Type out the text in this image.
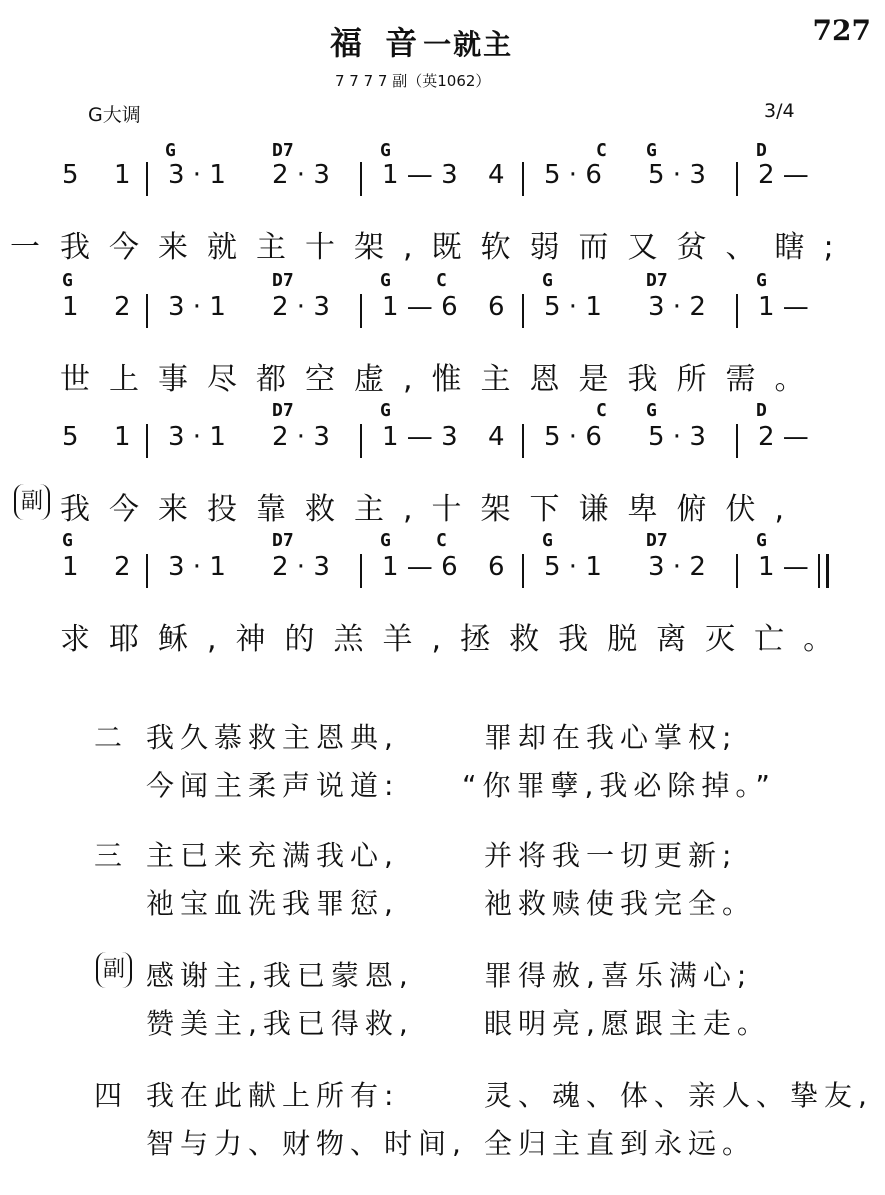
福 音一就主	727
7 7 7 7 副（英1062）
G大调	3/4
G	D7	G	C G	D
5 1 3 · 1 2 · 3 1 — 3 4 5 · 6 5 · 3 2 —
一 我今来就主十架,既软弱而又贫、瞎;
G	D7	G	C	G	D7	G
1 2 3 · 1 2 · 3 1 — 6 6 5 · 1 3 · 2 1 —
世上事尽都空虚,惟主恩是我所需。
D7	G	C G	D
5 1 3 · 1 2 · 3 1 — 3 4 5 · 6 5 · 3 2 —
副 我今来投靠救主,十架下谦卑俯伏,
G	D7	G	C	G	D7	G
1 2 3 · 1 2 · 3 1 — 6 6 5 · 1 3 · 2 1 —
求耶稣,神的羔羊,拯救我脱离灭亡。
二 我久慕救主恩典,	罪却在我心掌权;
今闻主柔声说道: “你罪孽,我必除掉。”
三 主已来充满我心,	并将我一切更新;
祂宝血洗我罪愆,	祂救赎使我完全。
副 感谢主,我已蒙恩,	罪得赦,喜乐满心;
赞美主,我已得救,	眼明亮,愿跟主走。
四 我在此献上所有:	灵、魂、体、亲人、挚友,
智与力、财物、时间, 全归主直到永远。
